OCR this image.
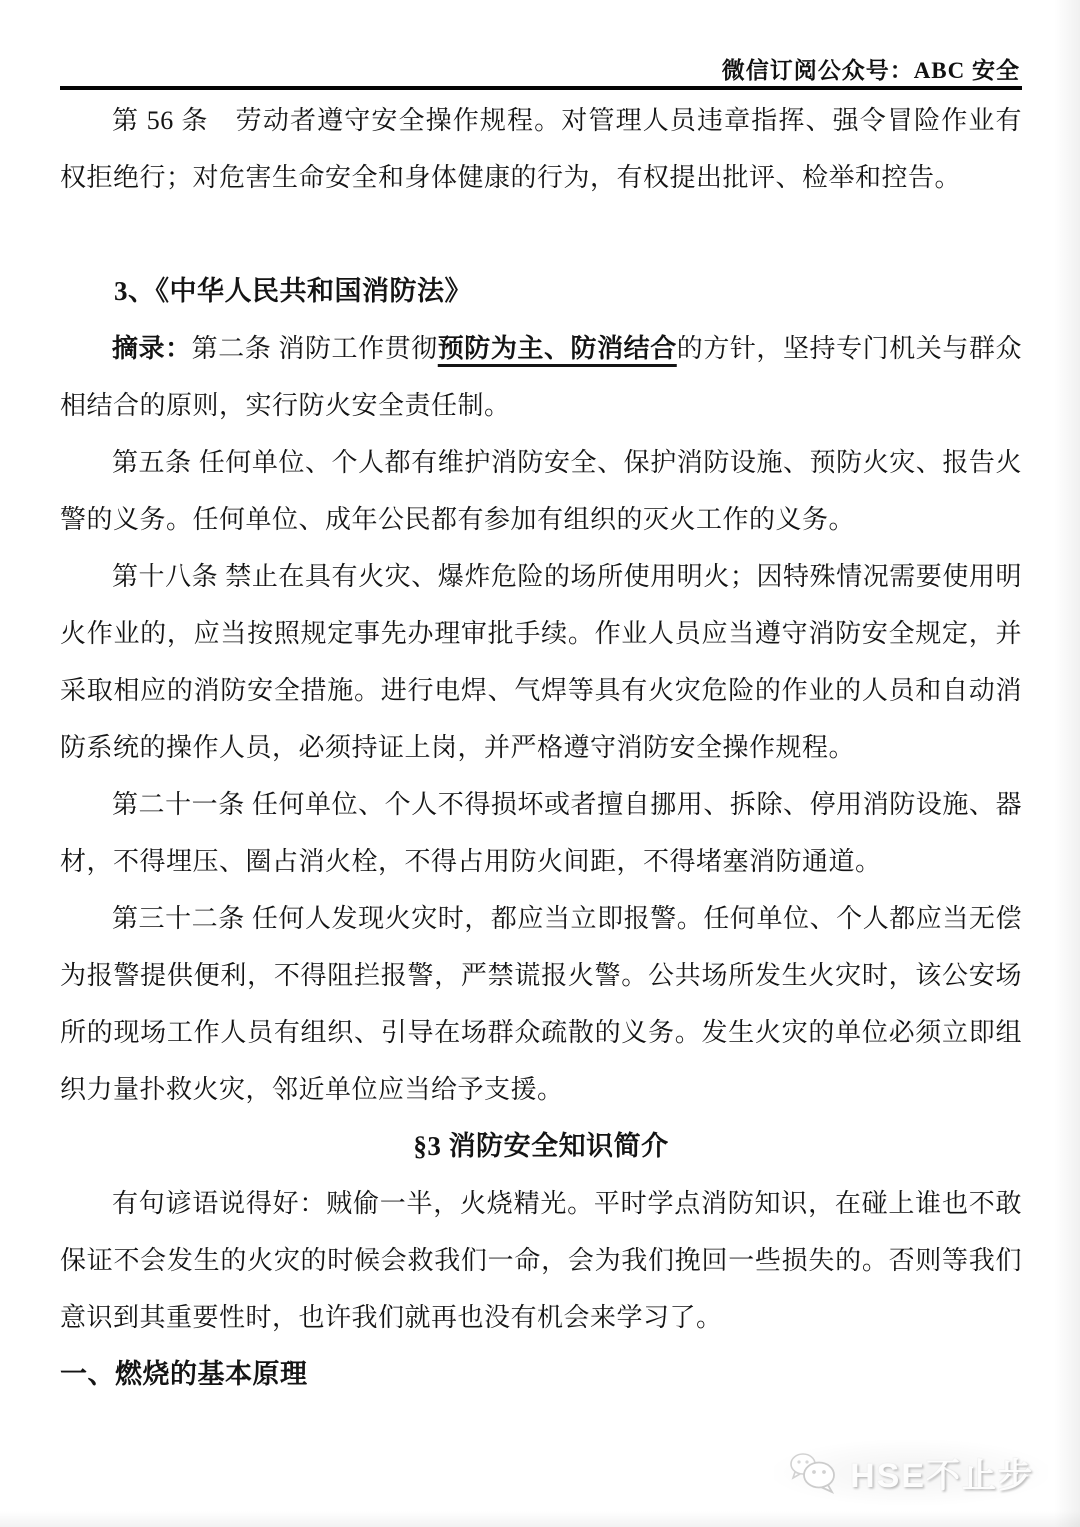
微信订阅公众号：ABC 安全

第 56 条　劳动者遵守安全操作规程。对管理人员违章指挥、强令冒险作业有权拒绝行；对危害生命安全和身体健康的行为，有权提出批评、检举和控告。

3、《中华人民共和国消防法》

摘录：第二条 消防工作贯彻预防为主、防消结合的方针，坚持专门机关与群众相结合的原则，实行防火安全责任制。

第五条 任何单位、个人都有维护消防安全、保护消防设施、预防火灾、报告火警的义务。任何单位、成年公民都有参加有组织的灭火工作的义务。

第十八条 禁止在具有火灾、爆炸危险的场所使用明火；因特殊情况需要使用明火作业的，应当按照规定事先办理审批手续。作业人员应当遵守消防安全规定，并采取相应的消防安全措施。进行电焊、气焊等具有火灾危险的作业的人员和自动消防系统的操作人员，必须持证上岗，并严格遵守消防安全操作规程。

第二十一条 任何单位、个人不得损坏或者擅自挪用、拆除、停用消防设施、器材，不得埋压、圈占消火栓，不得占用防火间距，不得堵塞消防通道。

第三十二条 任何人发现火灾时，都应当立即报警。任何单位、个人都应当无偿为报警提供便利，不得阻拦报警，严禁谎报火警。公共场所发生火灾时，该公安场所的现场工作人员有组织、引导在场群众疏散的义务。发生火灾的单位必须立即组织力量扑救火灾，邻近单位应当给予支援。

§3 消防安全知识简介

有句谚语说得好：贼偷一半，火烧精光。平时学点消防知识，在碰上谁也不敢保证不会发生的火灾的时候会救我们一命，会为我们挽回一些损失的。否则等我们意识到其重要性时，也许我们就再也没有机会来学习了。

一、燃烧的基本原理

HSE不止步
